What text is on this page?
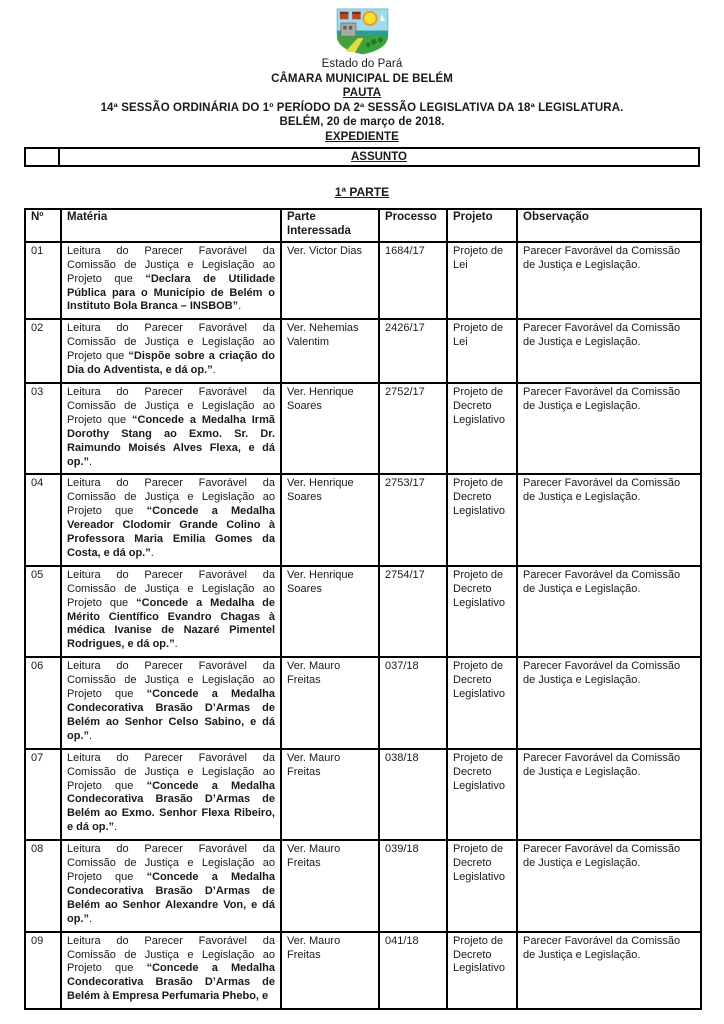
Estado do Pará
CÂMARA MUNICIPAL DE BELÉM
PAUTA
14ª SESSÃO ORDINÁRIA DO 1º PERÍODO DA 2ª SESSÃO LEGISLATIVA DA 18ª LEGISLATURA.
BELÉM, 20 de março de 2018.
EXPEDIENTE
	ASSUNTO
1ª PARTE
Nº	Matéria	Parte Interessada	Processo	Projeto	Observação
01	Leitura do Parecer Favorável da Comissão de Justiça e Legislação ao Projeto que “Declara de Utilidade Pública para o Município de Belém o Instituto Bola Branca – INSBOB”.	Ver. Victor Dias	1684/17	Projeto de Lei	Parecer Favorável da Comissão de Justiça e Legislação.
02	Leitura do Parecer Favorável da Comissão de Justiça e Legislação ao Projeto que “Dispõe sobre a criação do Dia do Adventista, e dá op.”.	Ver. Nehemias Valentim	2426/17	Projeto de Lei	Parecer Favorável da Comissão de Justiça e Legislação.
03	Leitura do Parecer Favorável da Comissão de Justiça e Legislação ao Projeto que “Concede a Medalha Irmã Dorothy Stang ao Exmo. Sr. Dr. Raimundo Moisés Alves Flexa, e dá op.”.	Ver. Henrique Soares	2752/17	Projeto de Decreto Legislativo	Parecer Favorável da Comissão de Justiça e Legislação.
04	Leitura do Parecer Favorável da Comissão de Justiça e Legislação ao Projeto que “Concede a Medalha Vereador Clodomir Grande Colino à Professora Maria Emilia Gomes da Costa, e dá op.”.	Ver. Henrique Soares	2753/17	Projeto de Decreto Legislativo	Parecer Favorável da Comissão de Justiça e Legislação.
05	Leitura do Parecer Favorável da Comissão de Justiça e Legislação ao Projeto que “Concede a Medalha de Mérito Científico Evandro Chagas à médica Ivanise de Nazaré Pimentel Rodrigues, e dá op.”.	Ver. Henrique Soares	2754/17	Projeto de Decreto Legislativo	Parecer Favorável da Comissão de Justiça e Legislação.
06	Leitura do Parecer Favorável da Comissão de Justiça e Legislação ao Projeto que “Concede a Medalha Condecorativa Brasão D’Armas de Belém ao Senhor Celso Sabino, e dá op.”.	Ver. Mauro Freitas	037/18	Projeto de Decreto Legislativo	Parecer Favorável da Comissão de Justiça e Legislação.
07	Leitura do Parecer Favorável da Comissão de Justiça e Legislação ao Projeto que “Concede a Medalha Condecorativa Brasão D’Armas de Belém ao Exmo. Senhor Flexa Ribeiro, e dá op.”.	Ver. Mauro Freitas	038/18	Projeto de Decreto Legislativo	Parecer Favorável da Comissão de Justiça e Legislação.
08	Leitura do Parecer Favorável da Comissão de Justiça e Legislação ao Projeto que “Concede a Medalha Condecorativa Brasão D’Armas de Belém ao Senhor Alexandre Von, e dá op.”.	Ver. Mauro Freitas	039/18	Projeto de Decreto Legislativo	Parecer Favorável da Comissão de Justiça e Legislação.
09	Leitura do Parecer Favorável da Comissão de Justiça e Legislação ao Projeto que “Concede a Medalha Condecorativa Brasão D’Armas de Belém à Empresa Perfumaria Phebo, e	Ver. Mauro Freitas	041/18	Projeto de Decreto Legislativo	Parecer Favorável da Comissão de Justiça e Legislação.
